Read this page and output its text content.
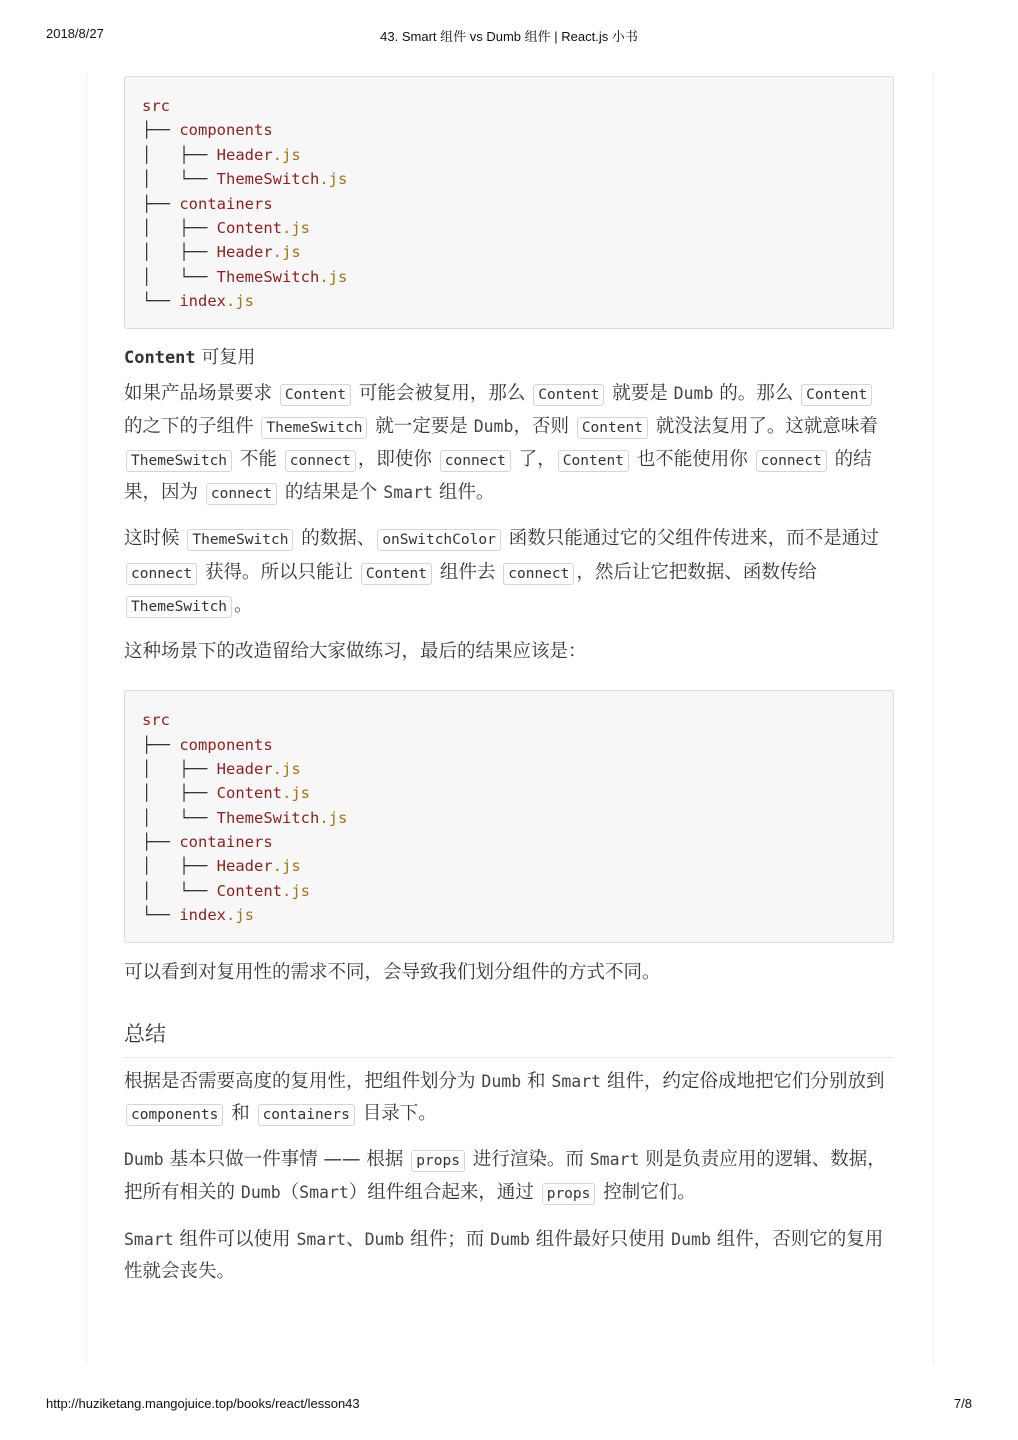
2018/8/27	43. Smart 组件 vs Dumb 组件 | React.js 小书
src
├── components
│   ├── Header.js
│   └── ThemeSwitch.js
├── containers
│   ├── Content.js
│   ├── Header.js
│   └── ThemeSwitch.js
└── index.js
Content 可复用

如果产品场景要求 Content 可能会被复用，那么 Content 就要是 Dumb 的。那么 Content 的之下的子组件 ThemeSwitch 就一定要是 Dumb，否则 Content 就没法复用了。这就意味着 ThemeSwitch 不能 connect ，即使你 connect 了， Content 也不能使用你 connect 的结果，因为 connect 的结果是个 Smart 组件。

这时候 ThemeSwitch 的数据、 onSwitchColor 函数只能通过它的父组件传进来，而不是通过 connect 获得。所以只能让 Content 组件去 connect ，然后让它把数据、函数传给 ThemeSwitch 。

这种场景下的改造留给大家做练习，最后的结果应该是：

src
├── components
│   ├── Header.js
│   ├── Content.js
│   └── ThemeSwitch.js
├── containers
│   ├── Header.js
│   └── Content.js
└── index.js

可以看到对复用性的需求不同，会导致我们划分组件的方式不同。

总结

根据是否需要高度的复用性，把组件划分为 Dumb 和 Smart 组件，约定俗成地把它们分别放到 components 和 containers 目录下。

Dumb 基本只做一件事情 —— 根据 props 进行渲染。而 Smart 则是负责应用的逻辑、数据，把所有相关的 Dumb（Smart）组件组合起来，通过 props 控制它们。

Smart 组件可以使用 Smart、Dumb 组件；而 Dumb 组件最好只使用 Dumb 组件，否则它的复用性就会丧失。

http://huziketang.mangojuice.top/books/react/lesson43	7/8
